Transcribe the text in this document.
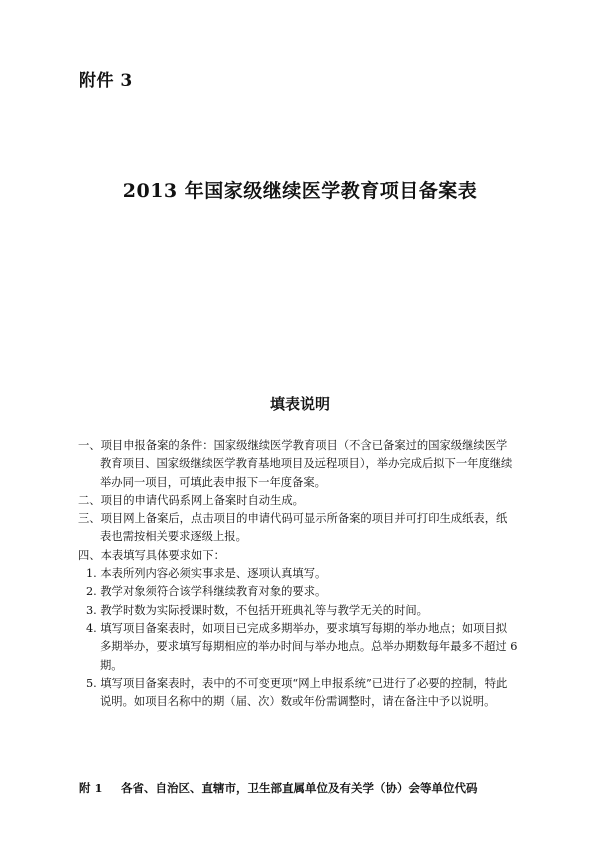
附件 3
2013 年国家级继续医学教育项目备案表
填表说明

一、项目申报备案的条件：国家级继续医学教育项目（不含已备案过的国家级继续医学教育项目、国家级继续医学教育基地项目及远程项目），举办完成后拟下一年度继续举办同一项目，可填此表申报下一年度备案。

二、项目的申请代码系网上备案时自动生成。

三、项目网上备案后，点击项目的申请代码可显示所备案的项目并可打印生成纸表，纸表也需按相关要求逐级上报。

四、本表填写具体要求如下：

1. 本表所列内容必须实事求是、逐项认真填写。

2. 教学对象须符合该学科继续教育对象的要求。

3. 教学时数为实际授课时数，不包括开班典礼等与教学无关的时间。

4. 填写项目备案表时，如项目已完成多期举办，要求填写每期的举办地点；如项目拟多期举办，要求填写每期相应的举办时间与举办地点。总举办期数每年最多不超过 6 期。

5. 填写项目备案表时，表中的不可变更项“网上申报系统”已进行了必要的控制，特此说明。如项目名称中的期（届、次）数或年份需调整时，请在备注中予以说明。

附 1 各省、自治区、直辖市，卫生部直属单位及有关学（协）会等单位代码
